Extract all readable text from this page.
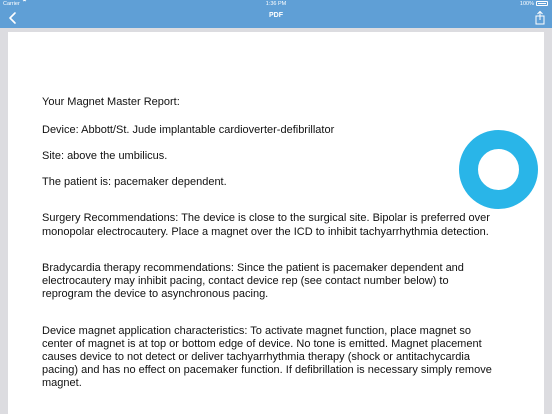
Carrier	1:36 PM	100%
PDF
Your Magnet Master Report:
Device: Abbott/St. Jude implantable cardioverter-defibrillator
Site: above the umbilicus.
The patient is: pacemaker dependent.
Surgery Recommendations: The device is close to the surgical site. Bipolar is preferred over
monopolar electrocautery. Place a magnet over the ICD to inhibit tachyarrhythmia detection.
Bradycardia therapy recommendations: Since the patient is pacemaker dependent and
electrocautery may inhibit pacing, contact device rep (see contact number below) to
reprogram the device to asynchronous pacing.
Device magnet application characteristics: To activate magnet function, place magnet so
center of magnet is at top or bottom edge of device. No tone is emitted. Magnet placement
causes device to not detect or deliver tachyarrhythmia therapy (shock or antitachycardia
pacing) and has no effect on pacemaker function. If defibrillation is necessary simply remove
magnet.
